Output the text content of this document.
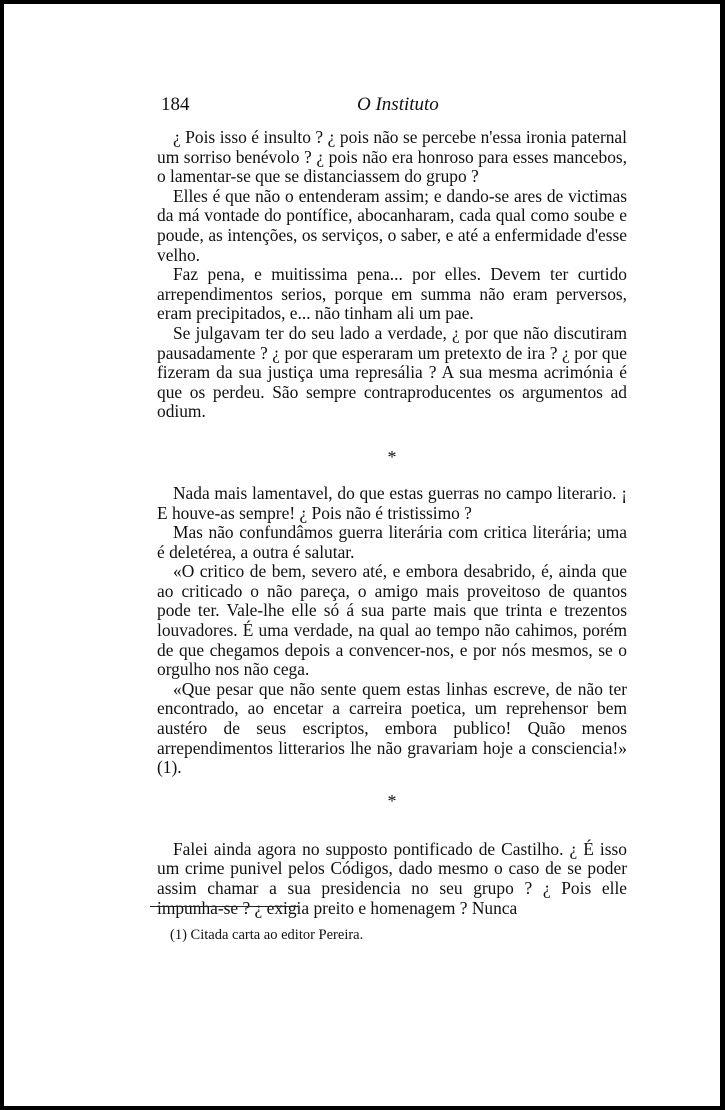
184	O Instituto

¿ Pois isso é insulto ? ¿ pois não se percebe n'essa ironia paternal um sorriso benévolo ? ¿ pois não era honroso para esses mancebos, o lamentar-se que se distanciassem do grupo ?

Elles é que não o entenderam assim; e dando-se ares de victimas da má vontade do pontífice, abocanharam, cada qual como soube e poude, as intenções, os serviços, o saber, e até a enfermidade d'esse velho.

Faz pena, e muitissima pena... por elles. Devem ter curtido arrependimentos serios, porque em summa não eram perversos, eram precipitados, e... não tinham ali um pae.

Se julgavam ter do seu lado a verdade, ¿ por que não discutiram pausadamente ? ¿ por que esperaram um pretexto de ira ? ¿ por que fizeram da sua justiça uma represália ? A sua mesma acrimónia é que os perdeu. São sempre contraproducentes os argumentos ad odium.

*

Nada mais lamentavel, do que estas guerras no campo literario. ¡ E houve-as sempre! ¿ Pois não é tristissimo ?

Mas não confundâmos guerra literária com critica literária; uma é deletérea, a outra é salutar.

«O critico de bem, severo até, e embora desabrido, é, ainda que ao criticado o não pareça, o amigo mais proveitoso de quantos pode ter. Vale-lhe elle só á sua parte mais que trinta e trezentos louvadores. É uma verdade, na qual ao tempo não cahimos, porém de que chegamos depois a convencer-nos, e por nós mesmos, se o orgulho nos não cega.

«Que pesar que não sente quem estas linhas escreve, de não ter encontrado, ao encetar a carreira poetica, um reprehensor bem austéro de seus escriptos, embora publico! Quão menos arrependimentos litterarios lhe não gravariam hoje a consciencia!» (1).

*

Falei ainda agora no supposto pontificado de Castilho. ¿ É isso um crime punivel pelos Códigos, dado mesmo o caso de se poder assim chamar a sua presidencia no seu grupo ? ¿ Pois elle impunha-se ? ¿ exigia preito e homenagem ? Nunca

(1) Citada carta ao editor Pereira.
